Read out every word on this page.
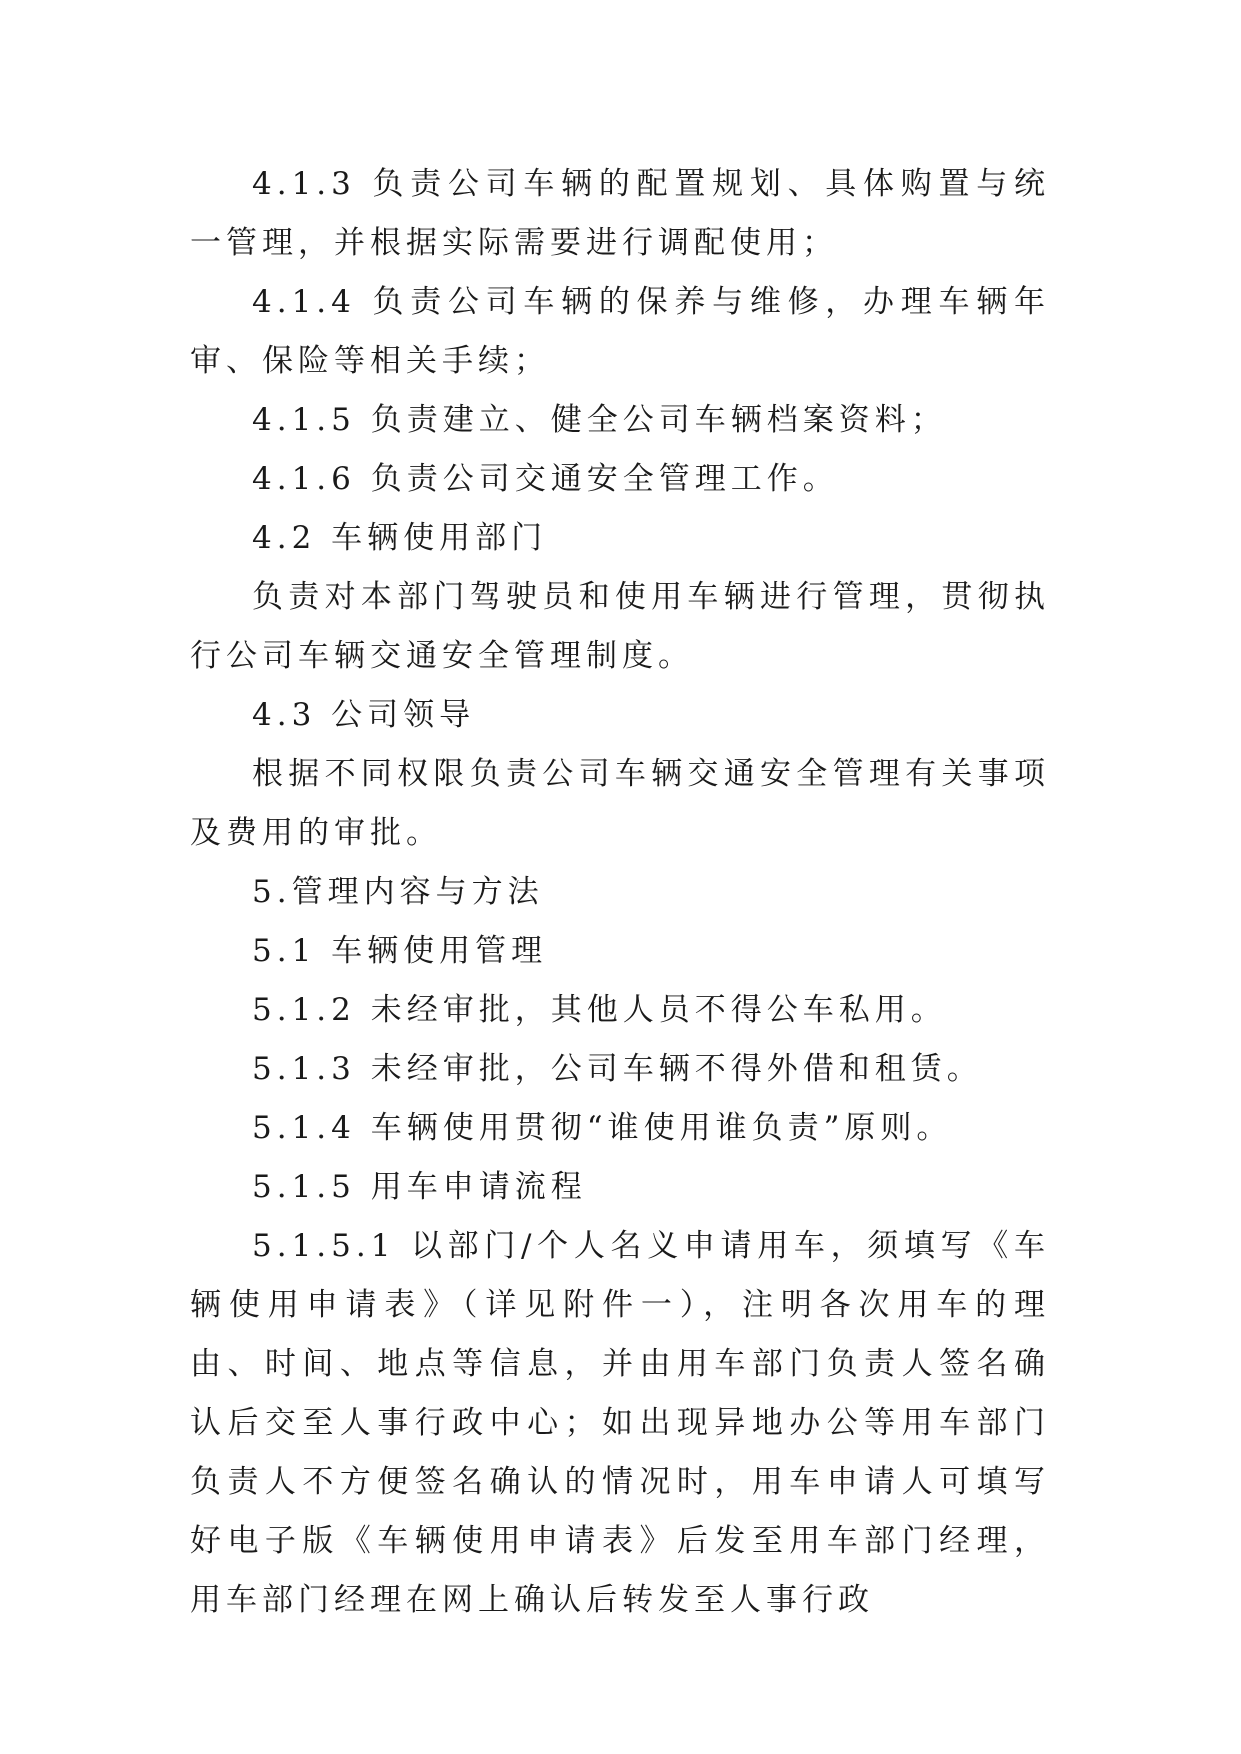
4.1.3 负责公司车辆的配置规划、具体购置与统一管理，并根据实际需要进行调配使用；

4.1.4 负责公司车辆的保养与维修，办理车辆年审、保险等相关手续；

4.1.5 负责建立、健全公司车辆档案资料；

4.1.6 负责公司交通安全管理工作。

4.2 车辆使用部门

负责对本部门驾驶员和使用车辆进行管理，贯彻执行公司车辆交通安全管理制度。

4.3 公司领导

根据不同权限负责公司车辆交通安全管理有关事项及费用的审批。

5.管理内容与方法

5.1 车辆使用管理

5.1.2 未经审批，其他人员不得公车私用。

5.1.3 未经审批，公司车辆不得外借和租赁。

5.1.4 车辆使用贯彻“谁使用谁负责”原则。

5.1.5 用车申请流程

5.1.5.1 以部门/个人名义申请用车，须填写《车辆使用申请表》（详见附件一），注明各次用车的理由、时间、地点等信息，并由用车部门负责人签名确认后交至人事行政中心；如出现异地办公等用车部门负责人不方便签名确认的情况时，用车申请人可填写好电子版《车辆使用申请表》后发至用车部门经理，用车部门经理在网上确认后转发至人事行政
